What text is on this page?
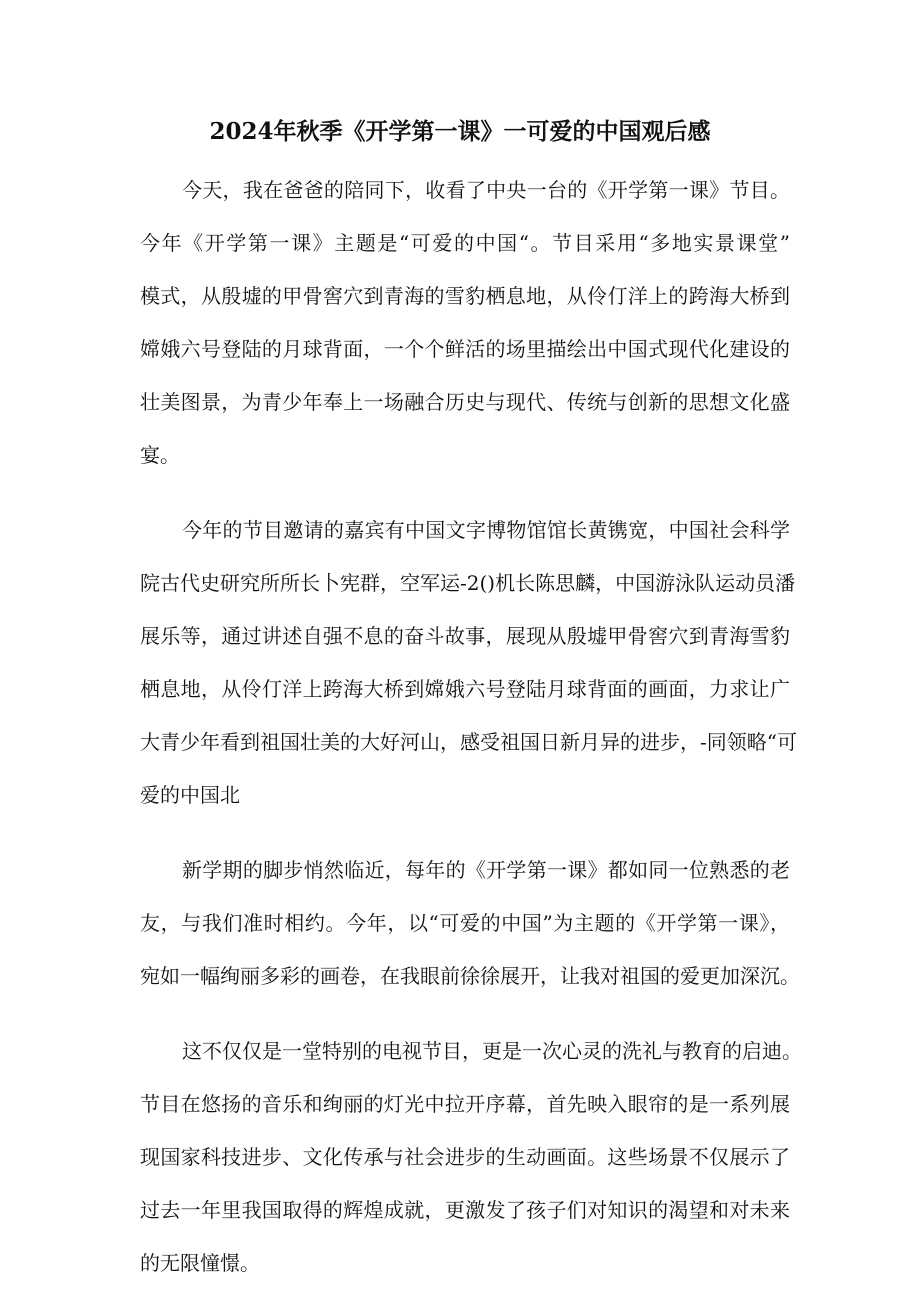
2024年秋季《开学第一课》一可爱的中国观后感
今天，我在爸爸的陪同下，收看了中央一台的《开学第一课》节目。
今年《开学第一课》主题是“可爱的中国“。节目采用“多地实景课堂”
模式，从殷墟的甲骨窖穴到青海的雪豹栖息地，从伶仃洋上的跨海大桥到
嫦娥六号登陆的月球背面，一个个鲜活的场里描绘出中国式现代化建设的
壮美图景，为青少年奉上一场融合历史与现代、传统与创新的思想文化盛
宴。
今年的节目邀请的嘉宾有中国文字博物馆馆长黄镌宽，中国社会科学
院古代史研究所所长卜宪群，空军运-2()机长陈思麟，中国游泳队运动员潘
展乐等，通过讲述自强不息的奋斗故事，展现从殷墟甲骨窖穴到青海雪豹
栖息地，从伶仃洋上跨海大桥到嫦娥六号登陆月球背面的画面，力求让广
大青少年看到祖国壮美的大好河山，感受祖国日新月异的进步，-同领略“可
爱的中国北
新学期的脚步悄然临近，每年的《开学第一课》都如同一位熟悉的老
友，与我们准时相约。今年，以“可爱的中国”为主题的《开学第一课》，
宛如一幅绚丽多彩的画卷，在我眼前徐徐展开，让我对祖国的爱更加深沉。
这不仅仅是一堂特别的电视节目，更是一次心灵的洗礼与教育的启迪。
节目在悠扬的音乐和绚丽的灯光中拉开序幕，首先映入眼帘的是一系列展
现国家科技进步、文化传承与社会进步的生动画面。这些场景不仅展示了
过去一年里我国取得的辉煌成就，更激发了孩子们对知识的渴望和对未来
的无限憧憬。
